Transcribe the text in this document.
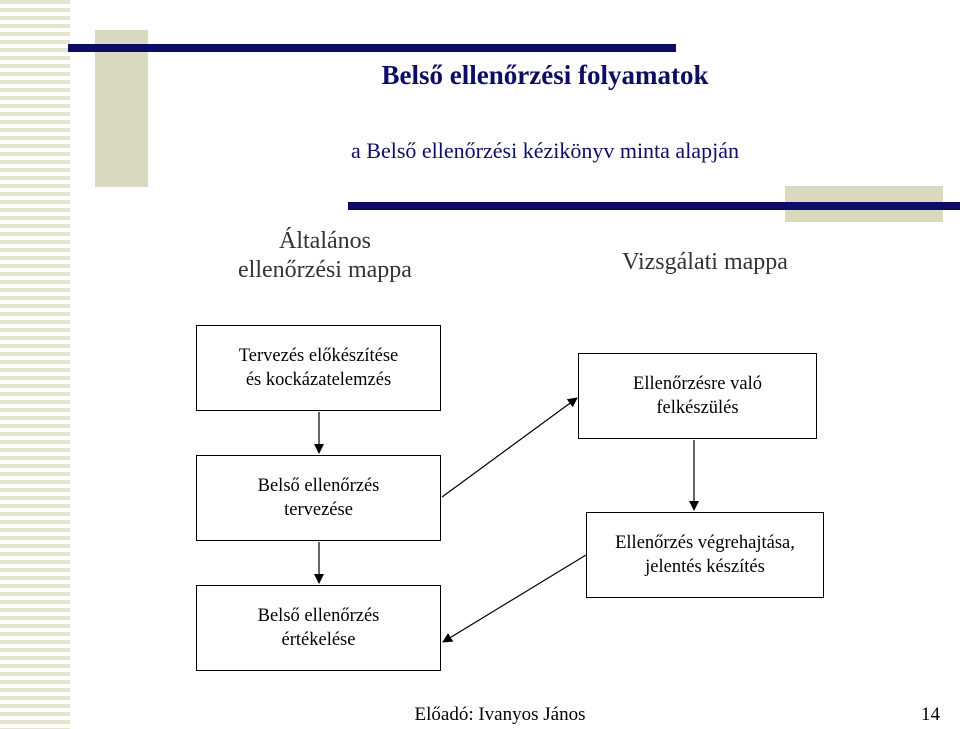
Belső ellenőrzési folyamatok
a Belső ellenőrzési kézikönyv minta alapján
Általános
ellenőrzési mappa	Vizsgálati mappa
Tervezés előkészítése
és kockázatelemzés
Belső ellenőrzés
tervezése
Belső ellenőrzés
értékelése
Ellenőrzésre való
felkészülés
Ellenőrzés végrehajtása,
jelentés készítés
Előadó: Ivanyos János	14
